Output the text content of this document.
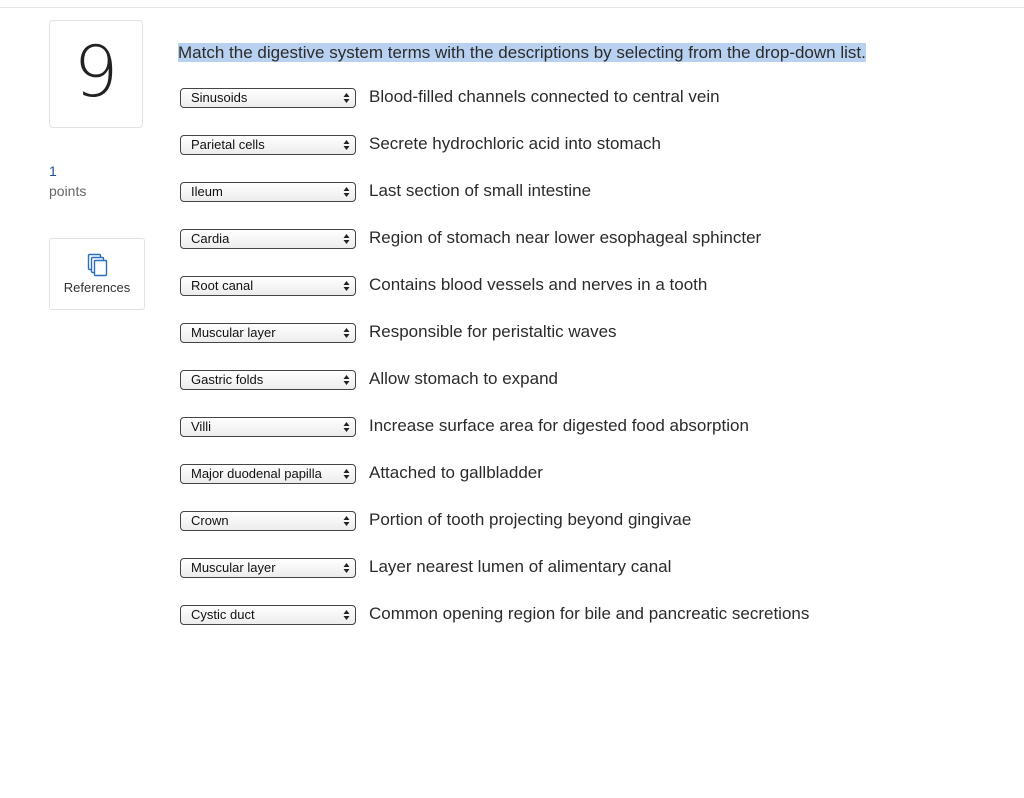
9
1
points
References
Match the digestive system terms with the descriptions by selecting from the drop-down list.
Sinusoids	Blood-filled channels connected to central vein
Parietal cells	Secrete hydrochloric acid into stomach
Ileum	Last section of small intestine
Cardia	Region of stomach near lower esophageal sphincter
Root canal	Contains blood vessels and nerves in a tooth
Muscular layer	Responsible for peristaltic waves
Gastric folds	Allow stomach to expand
Villi	Increase surface area for digested food absorption
Major duodenal papilla	Attached to gallbladder
Crown	Portion of tooth projecting beyond gingivae
Muscular layer	Layer nearest lumen of alimentary canal
Cystic duct	Common opening region for bile and pancreatic secretions
